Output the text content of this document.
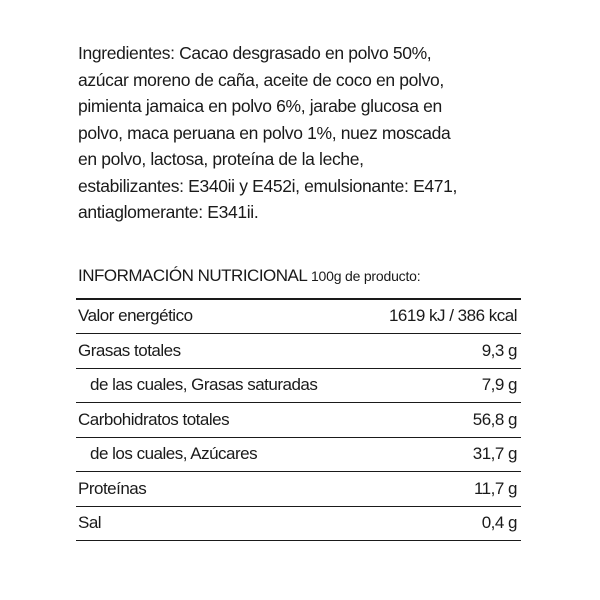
Ingredientes: Cacao desgrasado en polvo 50%, azúcar moreno de caña, aceite de coco en polvo, pimienta jamaica en polvo 6%, jarabe glucosa en polvo, maca peruana en polvo 1%, nuez moscada en polvo, lactosa, proteína de la leche, estabilizantes: E340ii y E452i, emulsionante: E471, antiaglomerante: E341ii.
INFORMACIÓN NUTRICIONAL 100g de producto:
Valor energético	1619 kJ / 386 kcal
Grasas totales	9,3 g
de las cuales, Grasas saturadas	7,9 g
Carbohidratos totales	56,8 g
de los cuales, Azúcares	31,7 g
Proteínas	11,7 g
Sal	0,4 g
